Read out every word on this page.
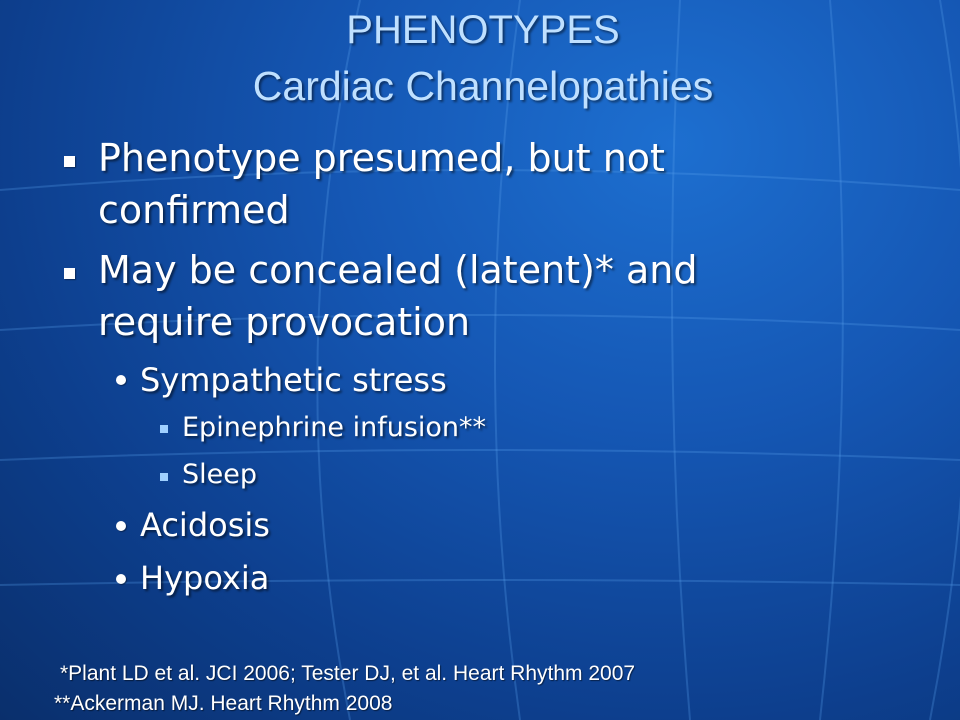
PHENOTYPES
Cardiac Channelopathies
Phenotype presumed, but not
confirmed
May be concealed (latent)* and
require provocation
Sympathetic stress
Epinephrine infusion**
Sleep
Acidosis
Hypoxia
*Plant LD et al. JCI 2006; Tester DJ, et al. Heart Rhythm 2007
**Ackerman MJ. Heart Rhythm 2008
